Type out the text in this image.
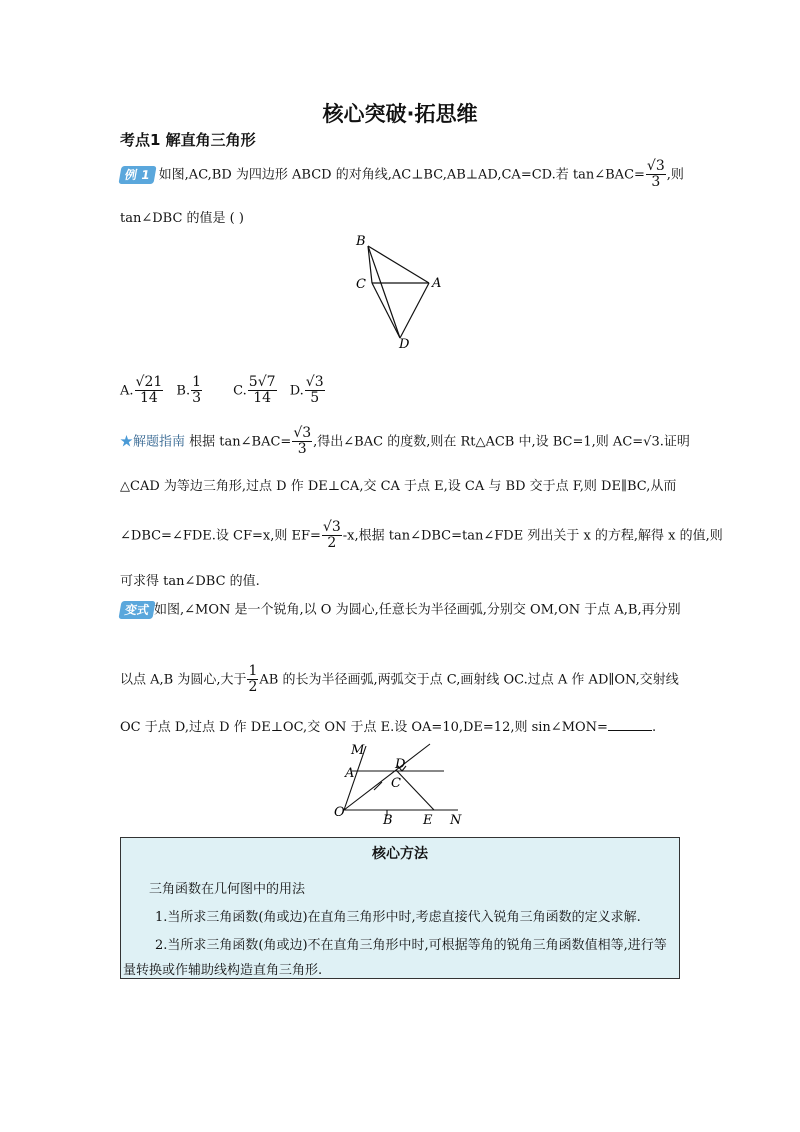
核心突破·拓思维
考点1 解直角三角形
例 1 如图,AC,BD 为四边形 ABCD 的对角线,AC⊥BC,AB⊥AD,CA=CD.若 tan∠BAC= $\frac{√3}{3}$ ,则
tan∠DBC 的值是 ( )
B
C	A
D
A. $\frac{√21}{14} B$. $\frac{1}{3} C$. $\frac{5√7}{14} D$. $\frac{√3}{5}$
★解题指南 根据 tan∠BAC= $\frac{√3}{3}$ ,得出∠BAC 的度数,则在 Rt△ACB 中,设 BC=1,则 AC=√3.证明
△CAD 为等边三角形,过点 D 作 DE⊥CA,交 CA 于点 E,设 CA 与 BD 交于点 F,则 DE∥BC,从而
∠DBC=∠FDE.设 CF=x,则 $EF= \frac{√3}{2} -x$,根据 tan∠DBC=tan∠FDE 列出关于 x 的方程,解得 x 的值,则
可求得 tan∠DBC 的值.
变式 如图,∠MON 是一个锐角,以 O 为圆心,任意长为半径画弧,分别交 OM,ON 于点 A,B,再分别
以点 A,B 为圆心,大于 $\frac{1}{2}$ AB 的长为半径画弧,两弧交于点 C,画射线 OC.过点 A 作 AD∥ON,交射线
OC 于点 D,过点 D 作 DE⊥OC,交 ON 于点 E.设 OA=10,DE=12,则 sin∠MON=	.
M
A
D
C
O
B E N
核心方法
三角函数在几何图中的用法
1.当所求三角函数(角或边)在直角三角形中时,考虑直接代入锐角三角函数的定义求解.
2.当所求三角函数(角或边)不在直角三角形中时,可根据等角的锐角三角函数值相等,进行等
量转换或作辅助线构造直角三角形.
